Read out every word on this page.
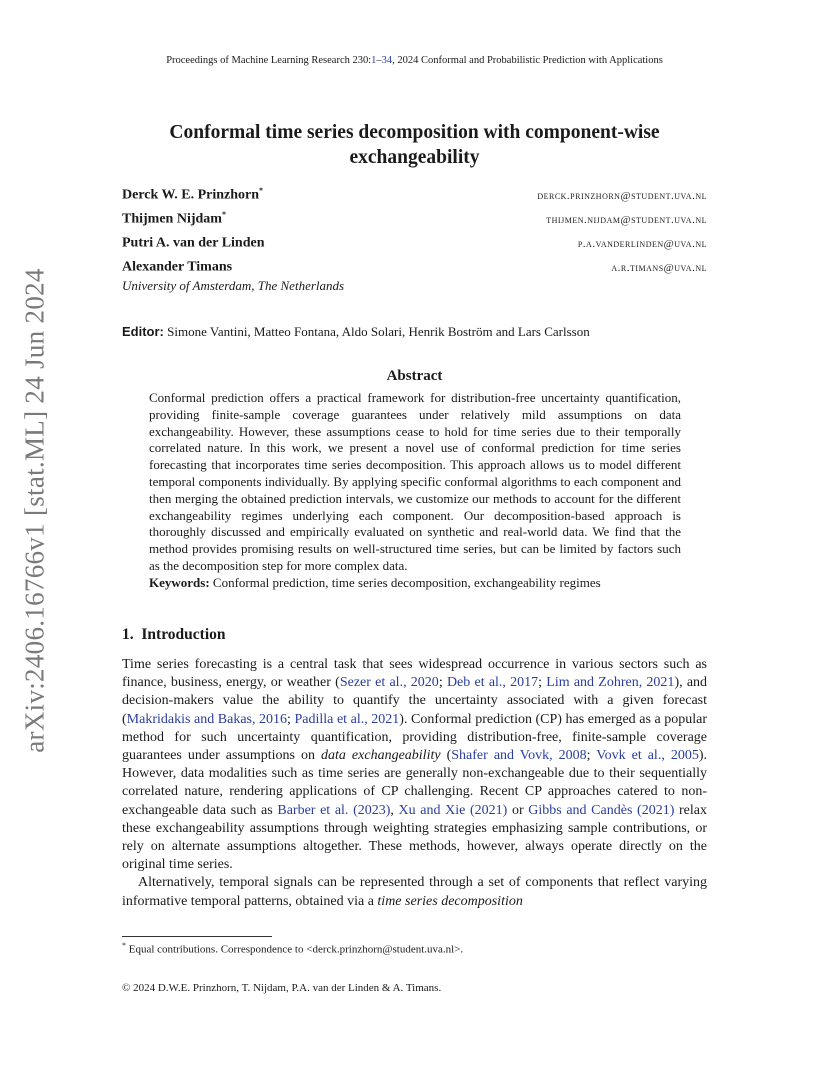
arXiv:2406.16766v1 [stat.ML] 24 Jun 2024
Proceedings of Machine Learning Research 230:1–34, 2024 Conformal and Probabilistic Prediction with Applications
Conformal time series decomposition with component-wise exchangeability
Derck W. E. Prinzhorn*	derck.prinzhorn@student.uva.nl
Thijmen Nijdam*	thijmen.nijdam@student.uva.nl
Putri A. van der Linden	p.a.vanderlinden@uva.nl
Alexander Timans	a.r.timans@uva.nl
University of Amsterdam, The Netherlands
Editor: Simone Vantini, Matteo Fontana, Aldo Solari, Henrik Boström and Lars Carlsson
Abstract

Conformal prediction offers a practical framework for distribution-free uncertainty quantification, providing finite-sample coverage guarantees under relatively mild assumptions on data exchangeability. However, these assumptions cease to hold for time series due to their temporally correlated nature. In this work, we present a novel use of conformal prediction for time series forecasting that incorporates time series decomposition. This approach allows us to model different temporal components individually. By applying specific conformal algorithms to each component and then merging the obtained prediction intervals, we customize our methods to account for the different exchangeability regimes underlying each component. Our decomposition-based approach is thoroughly discussed and empirically evaluated on synthetic and real-world data. We find that the method provides promising results on well-structured time series, but can be limited by factors such as the decomposition step for more complex data.

Keywords: Conformal prediction, time series decomposition, exchangeability regimes

1. Introduction

Time series forecasting is a central task that sees widespread occurrence in various sectors such as finance, business, energy, or weather (Sezer et al., 2020; Deb et al., 2017; Lim and Zohren, 2021), and decision-makers value the ability to quantify the uncertainty associated with a given forecast (Makridakis and Bakas, 2016; Padilla et al., 2021). Conformal prediction (CP) has emerged as a popular method for such uncertainty quantification, providing distribution-free, finite-sample coverage guarantees under assumptions on data exchangeability (Shafer and Vovk, 2008; Vovk et al., 2005). However, data modalities such as time series are generally non-exchangeable due to their sequentially correlated nature, rendering applications of CP challenging. Recent CP approaches catered to non-exchangeable data such as Barber et al. (2023), Xu and Xie (2021) or Gibbs and Candès (2021) relax these exchangeability assumptions through weighting strategies emphasizing sample contributions, or rely on alternate assumptions altogether. These methods, however, always operate directly on the original time series.

Alternatively, temporal signals can be represented through a set of components that reflect varying informative temporal patterns, obtained via a time series decomposition

* Equal contributions. Correspondence to <derck.prinzhorn@student.uva.nl>.
© 2024 D.W.E. Prinzhorn, T. Nijdam, P.A. van der Linden & A. Timans.
